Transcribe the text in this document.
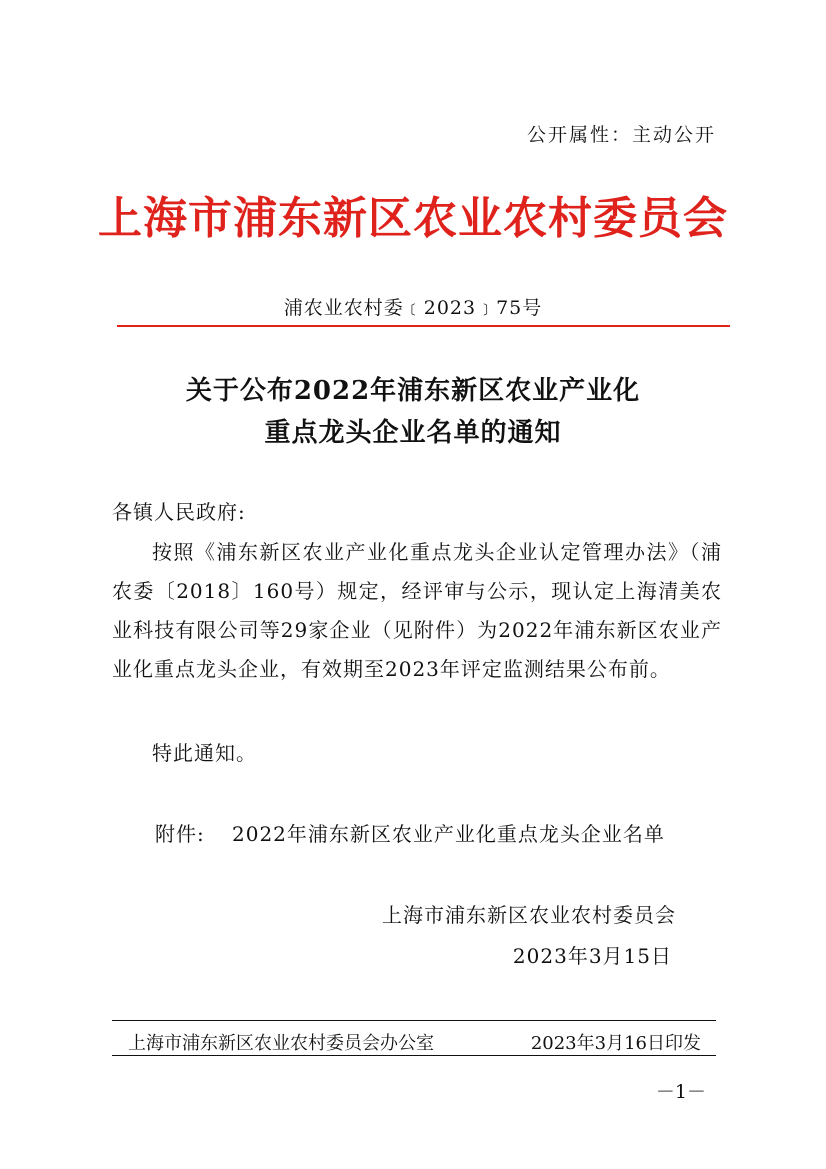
公开属性：主动公开
上海市浦东新区农业农村委员会
浦农业农村委﹝2023﹞75号
关于公布2022年浦东新区农业产业化
重点龙头企业名单的通知
各镇人民政府:
按照《浦东新区农业产业化重点龙头企业认定管理办法》（浦农委〔2018〕160号）规定，经评审与公示，现认定上海清美农业科技有限公司等29家企业（见附件）为2022年浦东新区农业产业化重点龙头企业，有效期至2023年评定监测结果公布前。
特此通知。
附件: 2022年浦东新区农业产业化重点龙头企业名单
上海市浦东新区农业农村委员会
2023年3月15日
上海市浦东新区农业农村委员会办公室	2023年3月16日印发
－1－
